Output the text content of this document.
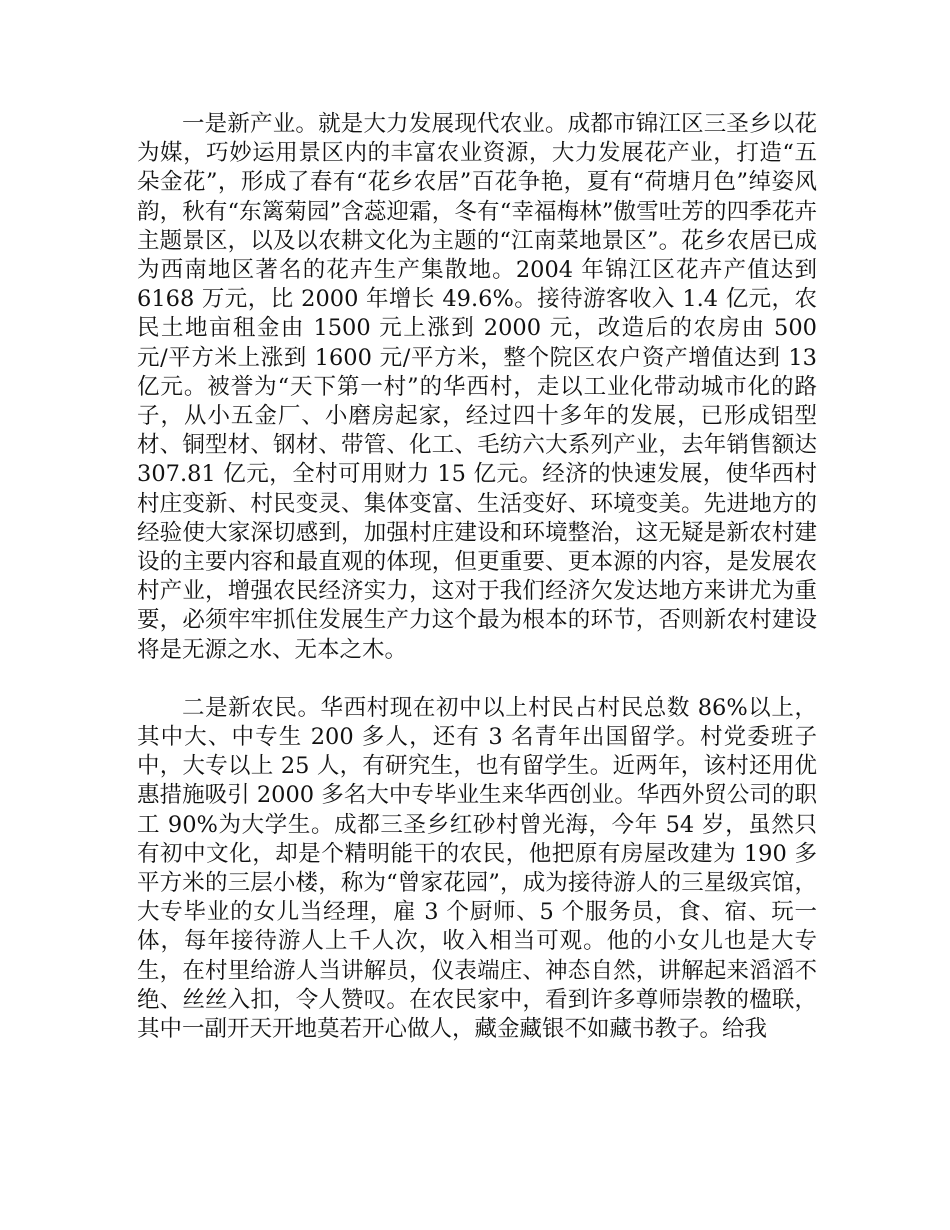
一是新产业。就是大力发展现代农业。成都市锦江区三圣乡以花为媒，巧妙运用景区内的丰富农业资源，大力发展花产业，打造“五朵金花”，形成了春有“花乡农居”百花争艳，夏有“荷塘月色”绰姿风韵，秋有“东篱菊园”含蕊迎霜，冬有“幸福梅林”傲雪吐芳的四季花卉主题景区，以及以农耕文化为主题的“江南菜地景区”。花乡农居已成为西南地区著名的花卉生产集散地。2004 年锦江区花卉产值达到 6168 万元，比 2000 年增长 49.6%。接待游客收入 1.4 亿元，农民土地亩租金由 1500 元上涨到 2000 元，改造后的农房由 500 元/平方米上涨到 1600 元/平方米，整个院区农户资产增值达到 13 亿元。被誉为“天下第一村”的华西村，走以工业化带动城市化的路子，从小五金厂、小磨房起家，经过四十多年的发展，已形成铝型材、铜型材、钢材、带管、化工、毛纺六大系列产业，去年销售额达 307.81 亿元，全村可用财力 15 亿元。经济的快速发展，使华西村村庄变新、村民变灵、集体变富、生活变好、环境变美。先进地方的经验使大家深切感到，加强村庄建设和环境整治，这无疑是新农村建设的主要内容和最直观的体现，但更重要、更本源的内容，是发展农村产业，增强农民经济实力，这对于我们经济欠发达地方来讲尤为重要，必须牢牢抓住发展生产力这个最为根本的环节，否则新农村建设将是无源之水、无本之木。

二是新农民。华西村现在初中以上村民占村民总数 86%以上，其中大、中专生 200 多人，还有 3 名青年出国留学。村党委班子中，大专以上 25 人，有研究生，也有留学生。近两年，该村还用优惠措施吸引 2000 多名大中专毕业生来华西创业。华西外贸公司的职工 90%为大学生。成都三圣乡红砂村曾光海，今年 54 岁，虽然只有初中文化，却是个精明能干的农民，他把原有房屋改建为 190 多平方米的三层小楼，称为“曾家花园”，成为接待游人的三星级宾馆，大专毕业的女儿当经理，雇 3 个厨师、5 个服务员，食、宿、玩一体，每年接待游人上千人次，收入相当可观。他的小女儿也是大专生，在村里给游人当讲解员，仪表端庄、神态自然，讲解起来滔滔不绝、丝丝入扣，令人赞叹。在农民家中，看到许多尊师崇教的楹联，其中一副开天开地莫若开心做人，藏金藏银不如藏书教子。给我
